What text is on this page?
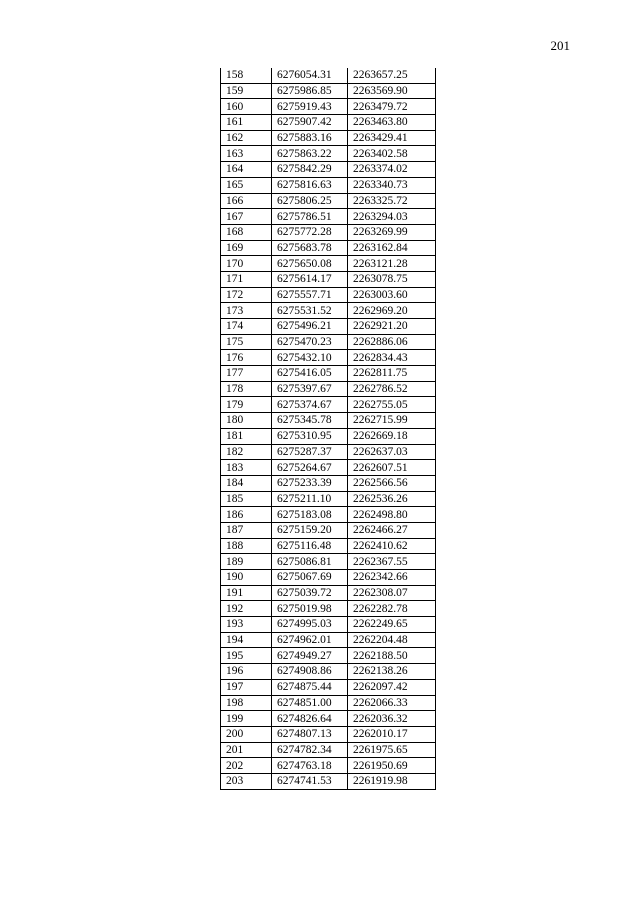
201
158	6276054.31	2263657.25
159	6275986.85	2263569.90
160	6275919.43	2263479.72
161	6275907.42	2263463.80
162	6275883.16	2263429.41
163	6275863.22	2263402.58
164	6275842.29	2263374.02
165	6275816.63	2263340.73
166	6275806.25	2263325.72
167	6275786.51	2263294.03
168	6275772.28	2263269.99
169	6275683.78	2263162.84
170	6275650.08	2263121.28
171	6275614.17	2263078.75
172	6275557.71	2263003.60
173	6275531.52	2262969.20
174	6275496.21	2262921.20
175	6275470.23	2262886.06
176	6275432.10	2262834.43
177	6275416.05	2262811.75
178	6275397.67	2262786.52
179	6275374.67	2262755.05
180	6275345.78	2262715.99
181	6275310.95	2262669.18
182	6275287.37	2262637.03
183	6275264.67	2262607.51
184	6275233.39	2262566.56
185	6275211.10	2262536.26
186	6275183.08	2262498.80
187	6275159.20	2262466.27
188	6275116.48	2262410.62
189	6275086.81	2262367.55
190	6275067.69	2262342.66
191	6275039.72	2262308.07
192	6275019.98	2262282.78
193	6274995.03	2262249.65
194	6274962.01	2262204.48
195	6274949.27	2262188.50
196	6274908.86	2262138.26
197	6274875.44	2262097.42
198	6274851.00	2262066.33
199	6274826.64	2262036.32
200	6274807.13	2262010.17
201	6274782.34	2261975.65
202	6274763.18	2261950.69
203	6274741.53	2261919.98
